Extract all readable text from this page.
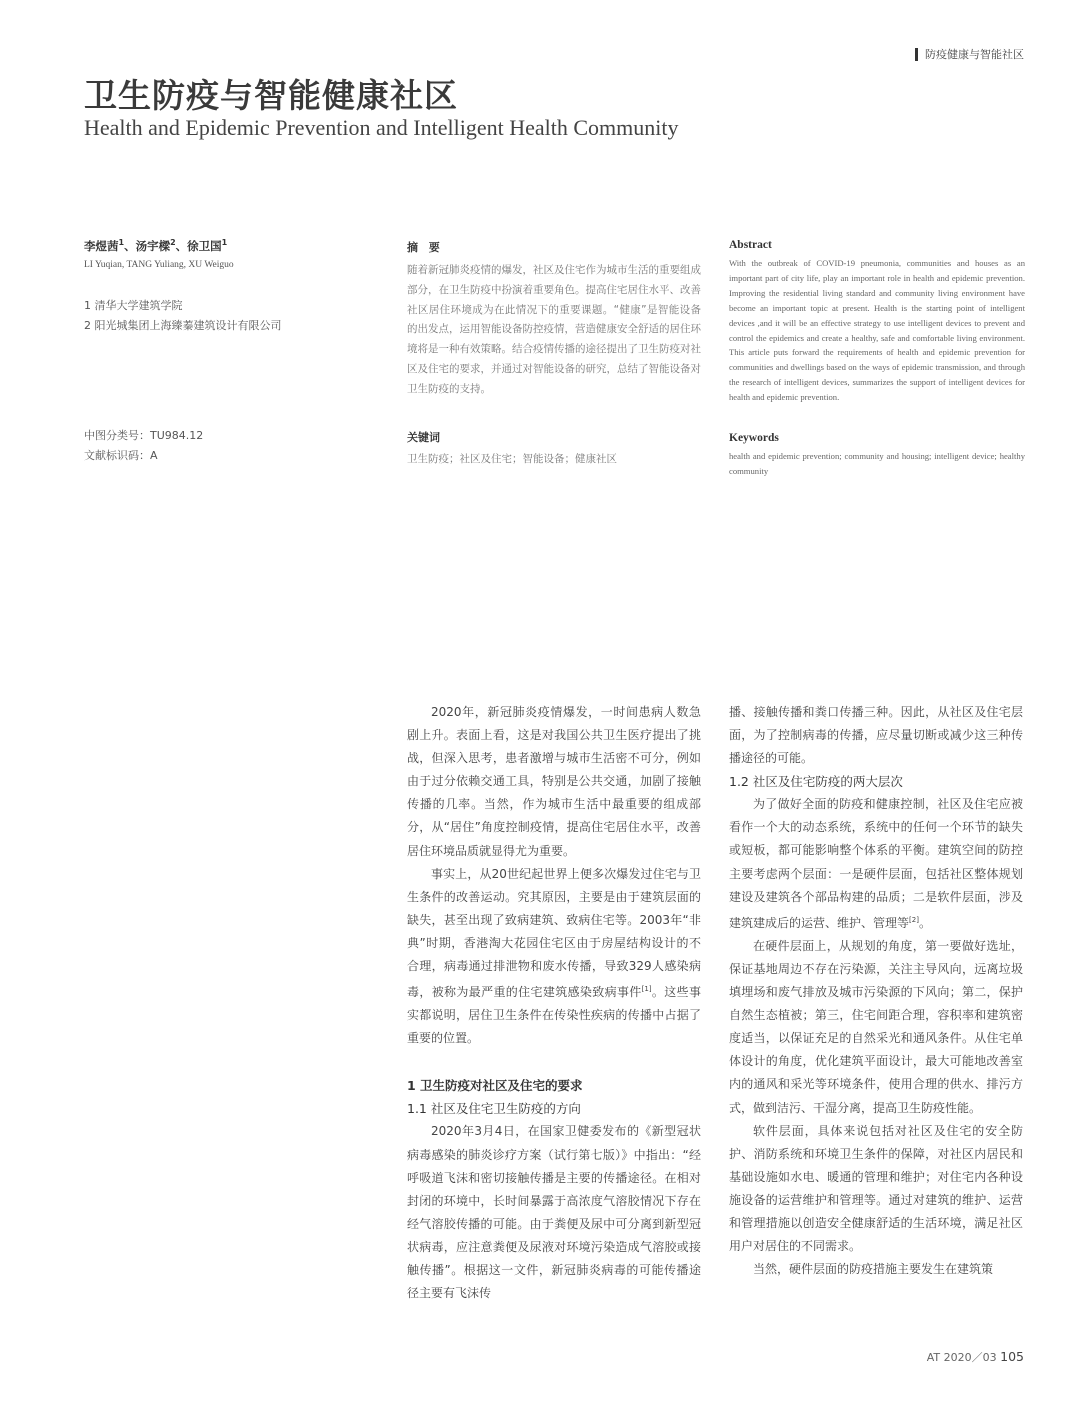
防疫健康与智能社区
卫生防疫与智能健康社区
Health and Epidemic Prevention and Intelligent Health Community
李煜茜$^1$、汤宇樑$^2$、徐卫国$^1$
LI Yuqian, TANG Yuliang, XU Weiguo
1 清华大学建筑学院
2 阳光城集团上海臻蓁建筑设计有限公司
中图分类号：TU984.12
文献标识码：A
摘 要

随着新冠肺炎疫情的爆发，社区及住宅作为城市生活的重要组成部分，在卫生防疫中扮演着重要角色。提高住宅居住水平、改善社区居住环境成为在此情况下的重要课题。“健康”是智能设备的出发点，运用智能设备防控疫情，营造健康安全舒适的居住环境将是一种有效策略。结合疫情传播的途径提出了卫生防疫对社区及住宅的要求，并通过对智能设备的研究，总结了智能设备对卫生防疫的支持。

关键词

卫生防疫；社区及住宅；智能设备；健康社区

Abstract

With the outbreak of COVID-19 pneumonia, communities and houses as an important part of city life, play an important role in health and epidemic prevention. Improving the residential living standard and community living environment have become an important topic at present. Health is the starting point of intelligent devices ,and it will be an effective strategy to use intelligent devices to prevent and control the epidemics and create a healthy, safe and comfortable living environment. This article puts forward the requirements of health and epidemic prevention for communities and dwellings based on the ways of epidemic transmission, and through the research of intelligent devices, summarizes the support of intelligent devices for health and epidemic prevention.

Keywords

health and epidemic prevention; community and housing; intelligent device; healthy community

2020年，新冠肺炎疫情爆发，一时间患病人数急剧上升。表面上看，这是对我国公共卫生医疗提出了挑战，但深入思考，患者激增与城市生活密不可分，例如由于过分依赖交通工具，特别是公共交通，加剧了接触传播的几率。当然，作为城市生活中最重要的组成部分，从“居住”角度控制疫情，提高住宅居住水平，改善居住环境品质就显得尤为重要。

事实上，从20世纪起世界上便多次爆发过住宅与卫生条件的改善运动。究其原因，主要是由于建筑层面的缺失，甚至出现了致病建筑、致病住宅等。2003年“非典”时期，香港淘大花园住宅区由于房屋结构设计的不合理，病毒通过排泄物和废水传播，导致329人感染病毒，被称为最严重的住宅建筑感染致病事件[1]。这些事实都说明，居住卫生条件在传染性疾病的传播中占据了重要的位置。

1 卫生防疫对社区及住宅的要求
1.1 社区及住宅卫生防疫的方向

2020年3月4日，在国家卫健委发布的《新型冠状病毒感染的肺炎诊疗方案（试行第七版）》中指出：“经呼吸道飞沫和密切接触传播是主要的传播途径。在相对封闭的环境中，长时间暴露于高浓度气溶胶情况下存在经气溶胶传播的可能。由于粪便及尿中可分离到新型冠状病毒，应注意粪便及尿液对环境污染造成气溶胶或接触传播”。根据这一文件，新冠肺炎病毒的可能传播途径主要有飞沫传

播、接触传播和粪口传播三种。因此，从社区及住宅层面，为了控制病毒的传播，应尽量切断或减少这三种传播途径的可能。

1.2 社区及住宅防疫的两大层次

为了做好全面的防疫和健康控制，社区及住宅应被看作一个大的动态系统，系统中的任何一个环节的缺失或短板，都可能影响整个体系的平衡。建筑空间的防控主要考虑两个层面：一是硬件层面，包括社区整体规划建设及建筑各个部品构建的品质；二是软件层面，涉及建筑建成后的运营、维护、管理等[2]。

在硬件层面上，从规划的角度，第一要做好选址，保证基地周边不存在污染源，关注主导风向，远离垃圾填埋场和废气排放及城市污染源的下风向；第二，保护自然生态植被；第三，住宅间距合理，容积率和建筑密度适当，以保证充足的自然采光和通风条件。从住宅单体设计的角度，优化建筑平面设计，最大可能地改善室内的通风和采光等环境条件，使用合理的供水、排污方式，做到洁污、干湿分离，提高卫生防疫性能。

软件层面，具体来说包括对社区及住宅的安全防护、消防系统和环境卫生条件的保障，对社区内居民和基础设施如水电、暖通的管理和维护；对住宅内各种设施设备的运营维护和管理等。通过对建筑的维护、运营和管理措施以创造安全健康舒适的生活环境，满足社区用户对居住的不同需求。

当然，硬件层面的防疫措施主要发生在建筑策

AT 2020／03 105
